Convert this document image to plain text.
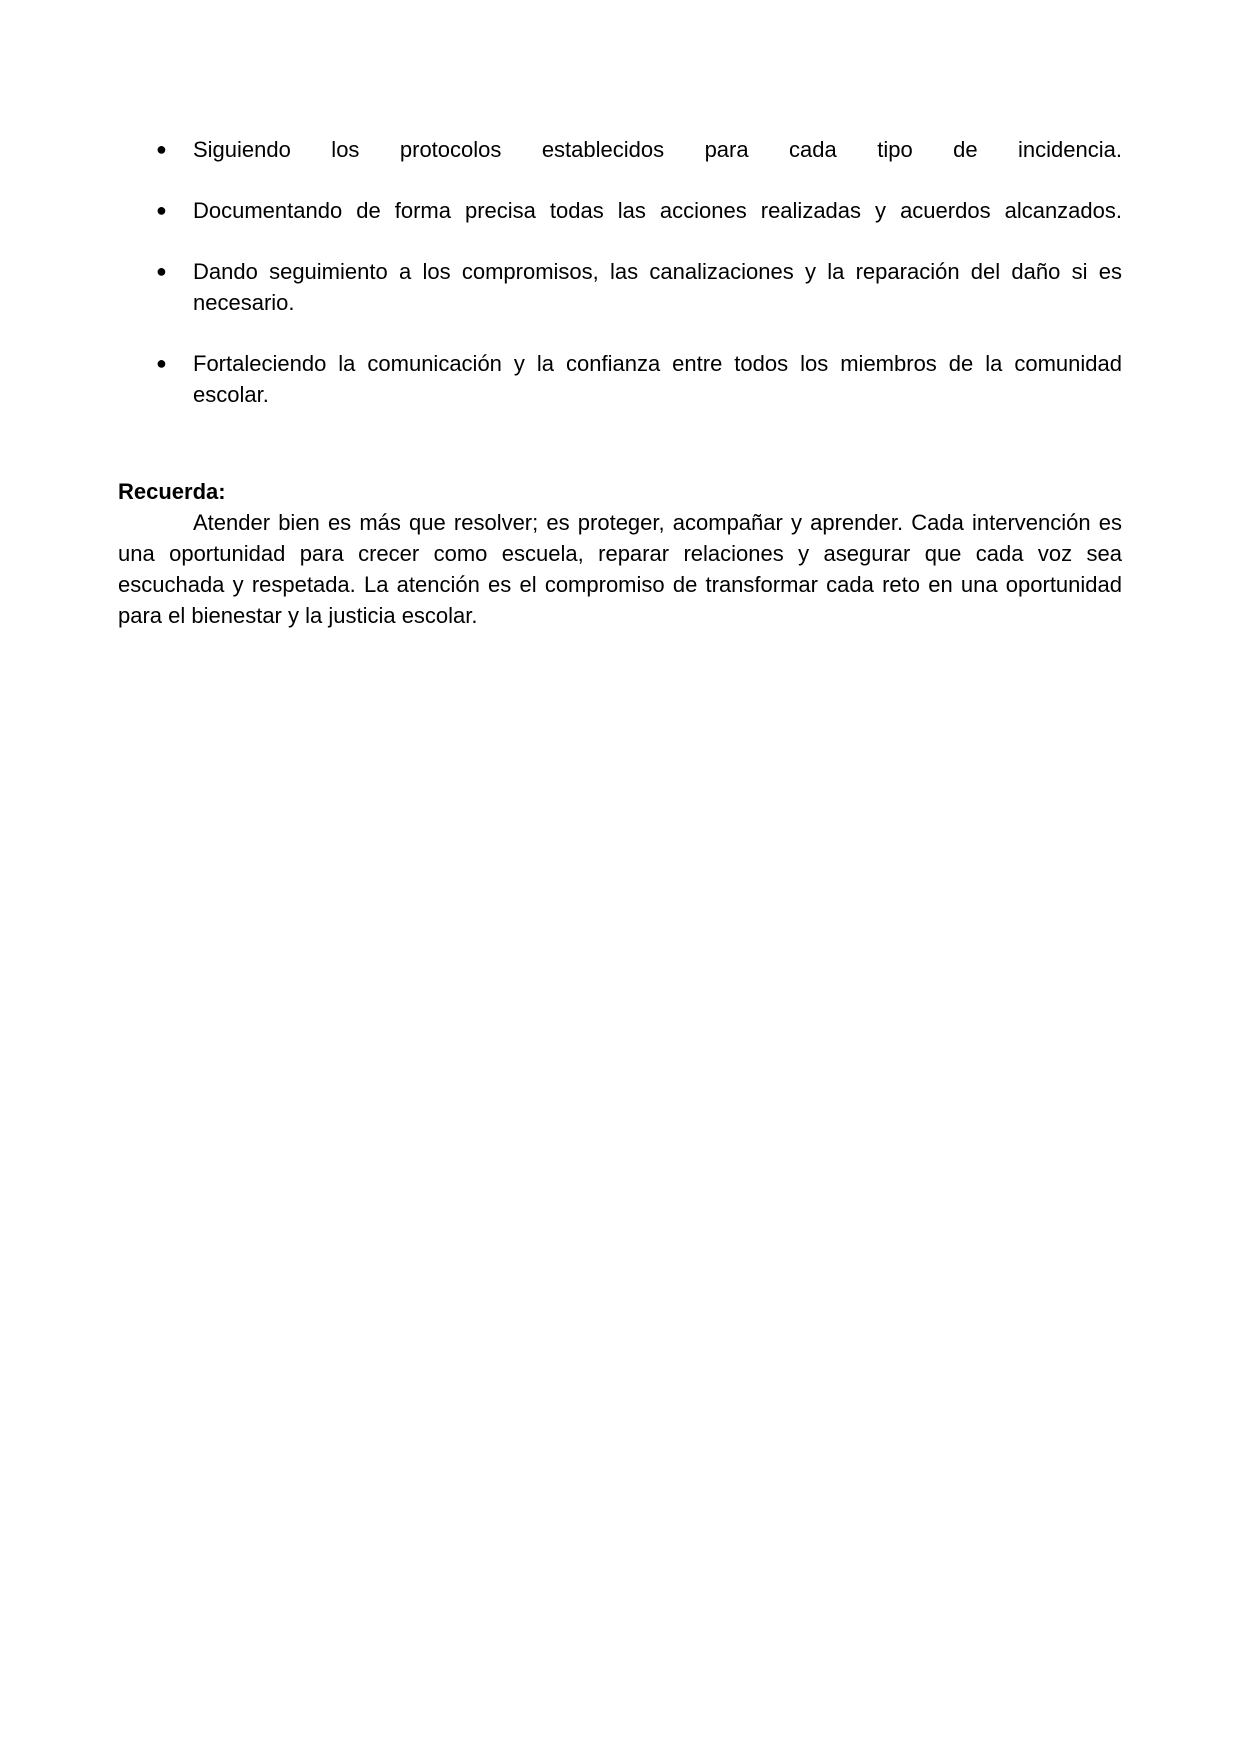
● Siguiendo los protocolos establecidos para cada tipo de incidencia.
● Documentando de forma precisa todas las acciones realizadas y acuerdos alcanzados.
● Dando seguimiento a los compromisos, las canalizaciones y la reparación del daño si es necesario.
● Fortaleciendo la comunicación y la confianza entre todos los miembros de la comunidad escolar.

Recuerda:

Atender bien es más que resolver; es proteger, acompañar y aprender. Cada intervención es una oportunidad para crecer como escuela, reparar relaciones y asegurar que cada voz sea escuchada y respetada. La atención es el compromiso de transformar cada reto en una oportunidad para el bienestar y la justicia escolar.
